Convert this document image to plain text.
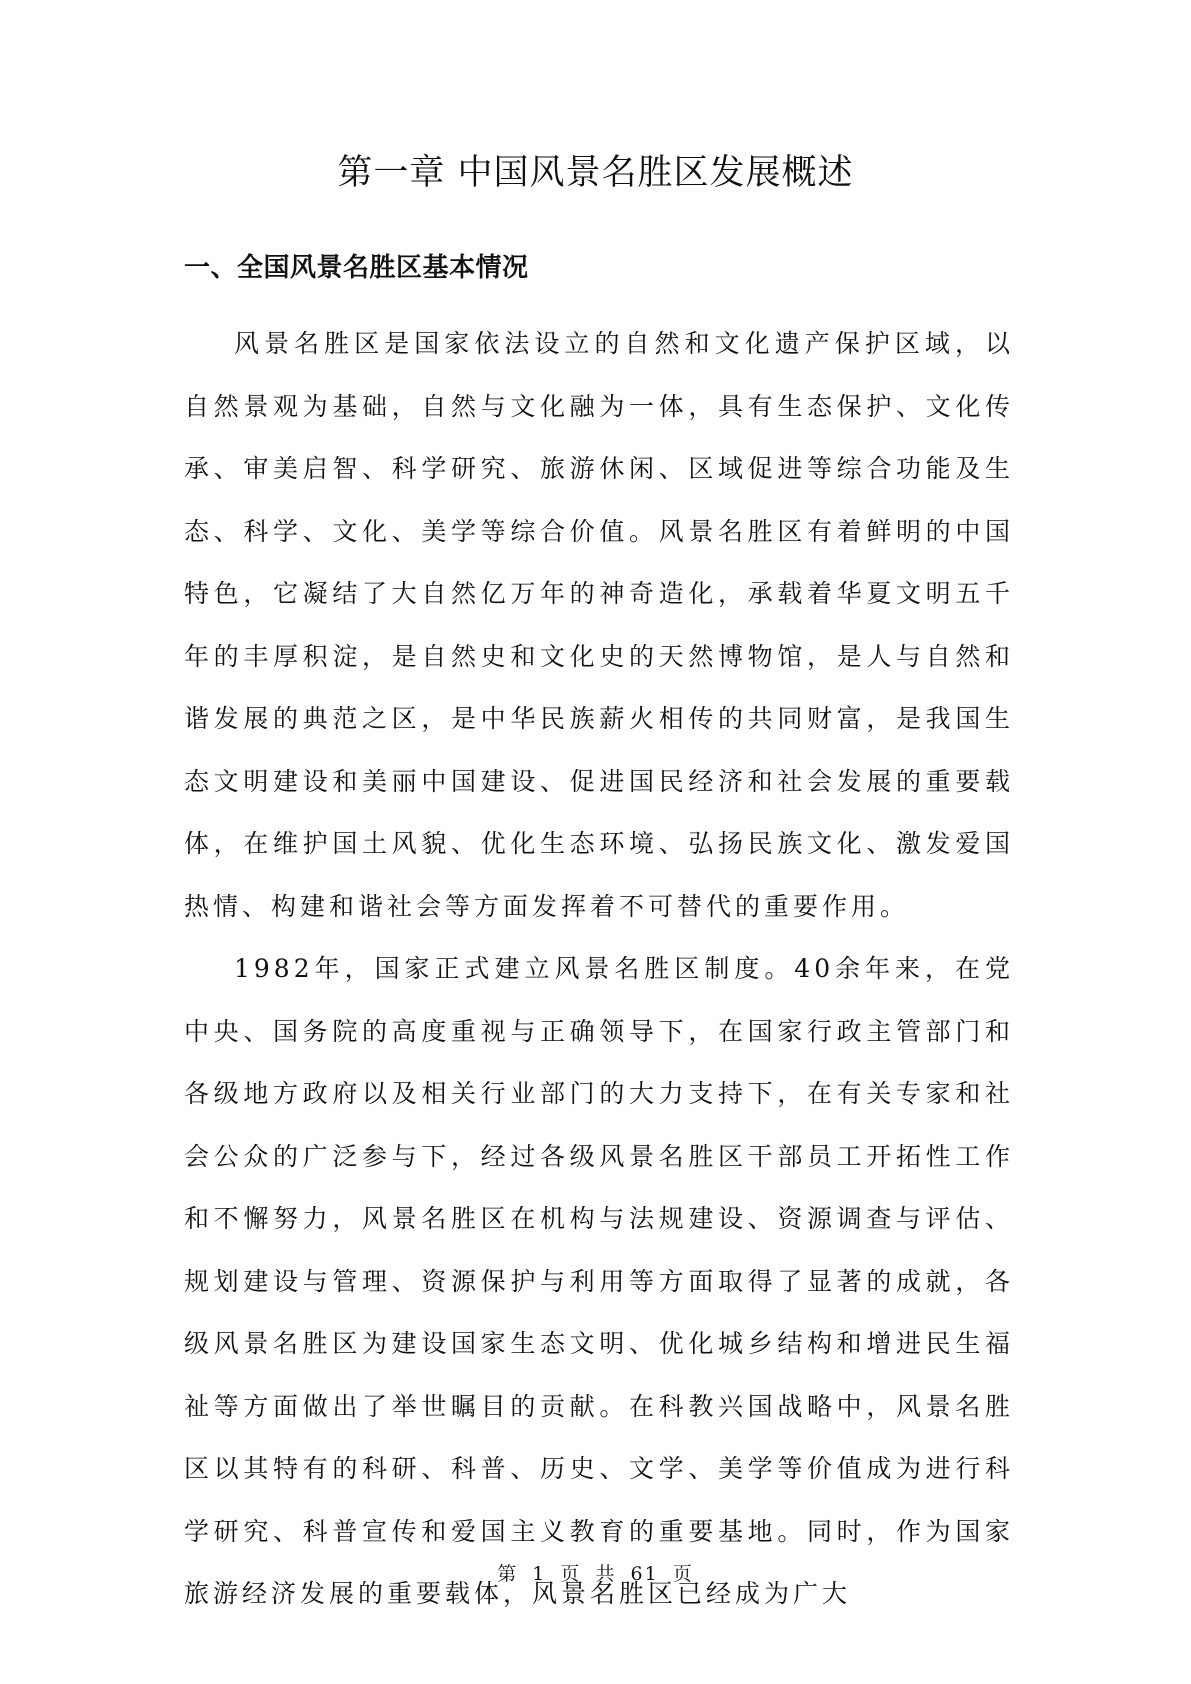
第一章 中国风景名胜区发展概述
一、全国风景名胜区基本情况

风景名胜区是国家依法设立的自然和文化遗产保护区域，以自然景观为基础，自然与文化融为一体，具有生态保护、文化传承、审美启智、科学研究、旅游休闲、区域促进等综合功能及生态、科学、文化、美学等综合价值。风景名胜区有着鲜明的中国特色，它凝结了大自然亿万年的神奇造化，承载着华夏文明五千年的丰厚积淀，是自然史和文化史的天然博物馆，是人与自然和谐发展的典范之区，是中华民族薪火相传的共同财富，是我国生态文明建设和美丽中国建设、促进国民经济和社会发展的重要载体，在维护国土风貌、优化生态环境、弘扬民族文化、激发爱国热情、构建和谐社会等方面发挥着不可替代的重要作用。

1982年，国家正式建立风景名胜区制度。40余年来，在党中央、国务院的高度重视与正确领导下，在国家行政主管部门和各级地方政府以及相关行业部门的大力支持下，在有关专家和社会公众的广泛参与下，经过各级风景名胜区干部员工开拓性工作和不懈努力，风景名胜区在机构与法规建设、资源调查与评估、规划建设与管理、资源保护与利用等方面取得了显著的成就，各级风景名胜区为建设国家生态文明、优化城乡结构和增进民生福祉等方面做出了举世瞩目的贡献。在科教兴国战略中，风景名胜区以其特有的科研、科普、历史、文学、美学等价值成为进行科学研究、科普宣传和爱国主义教育的重要基地。同时，作为国家旅游经济发展的重要载体，风景名胜区已经成为广大

第 1 页 共 61 页
